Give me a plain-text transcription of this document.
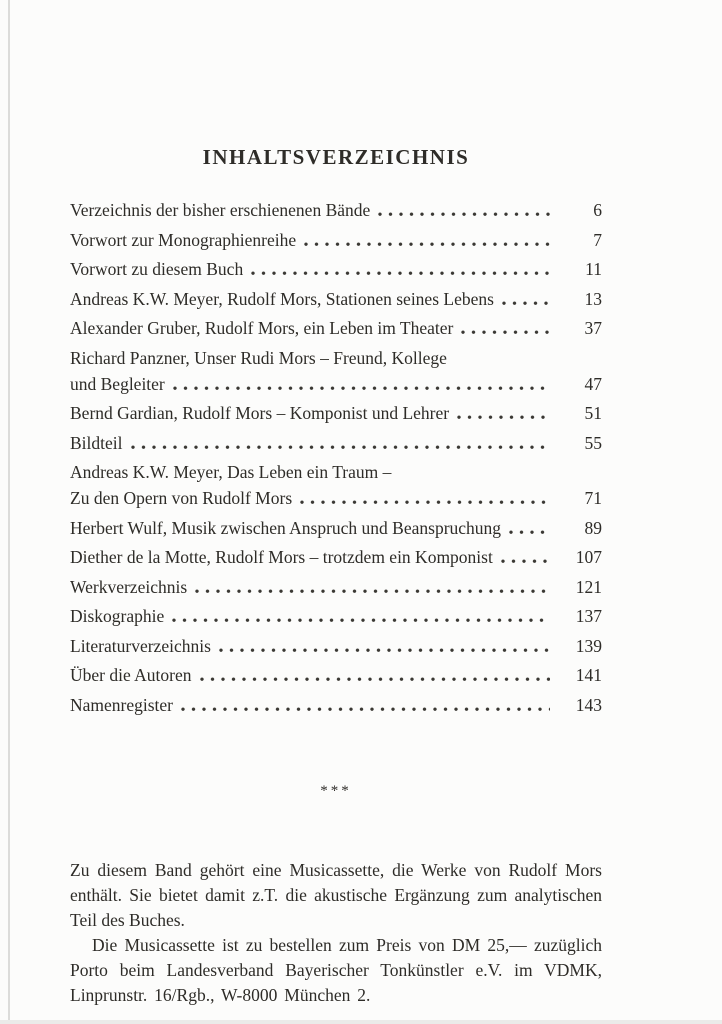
INHALTSVERZEICHNIS
Verzeichnis der bisher erschienenen Bände	6
Vorwort zur Monographienreihe	7
Vorwort zu diesem Buch	11
Andreas K.W. Meyer, Rudolf Mors, Stationen seines Lebens	13
Alexander Gruber, Rudolf Mors, ein Leben im Theater	37
Richard Panzner, Unser Rudi Mors – Freund, Kollege
und Begleiter	47
Bernd Gardian, Rudolf Mors – Komponist und Lehrer	51
Bildteil	55
Andreas K.W. Meyer, Das Leben ein Traum –
Zu den Opern von Rudolf Mors	71
Herbert Wulf, Musik zwischen Anspruch und Beanspruchung	89
Diether de la Motte, Rudolf Mors – trotzdem ein Komponist	107
Werkverzeichnis	121
Diskographie	137
Literaturverzeichnis	139
Über die Autoren	141
Namenregister	143
***

Zu diesem Band gehört eine Musicassette, die Werke von Rudolf Mors enthält. Sie bietet damit z.T. die akustische Ergänzung zum analytischen Teil des Buches.

Die Musicassette ist zu bestellen zum Preis von DM 25,— zuzüglich Porto beim Landesverband Bayerischer Tonkünstler e.V. im VDMK, Linprunstr. 16/Rgb., W-8000 München 2.
